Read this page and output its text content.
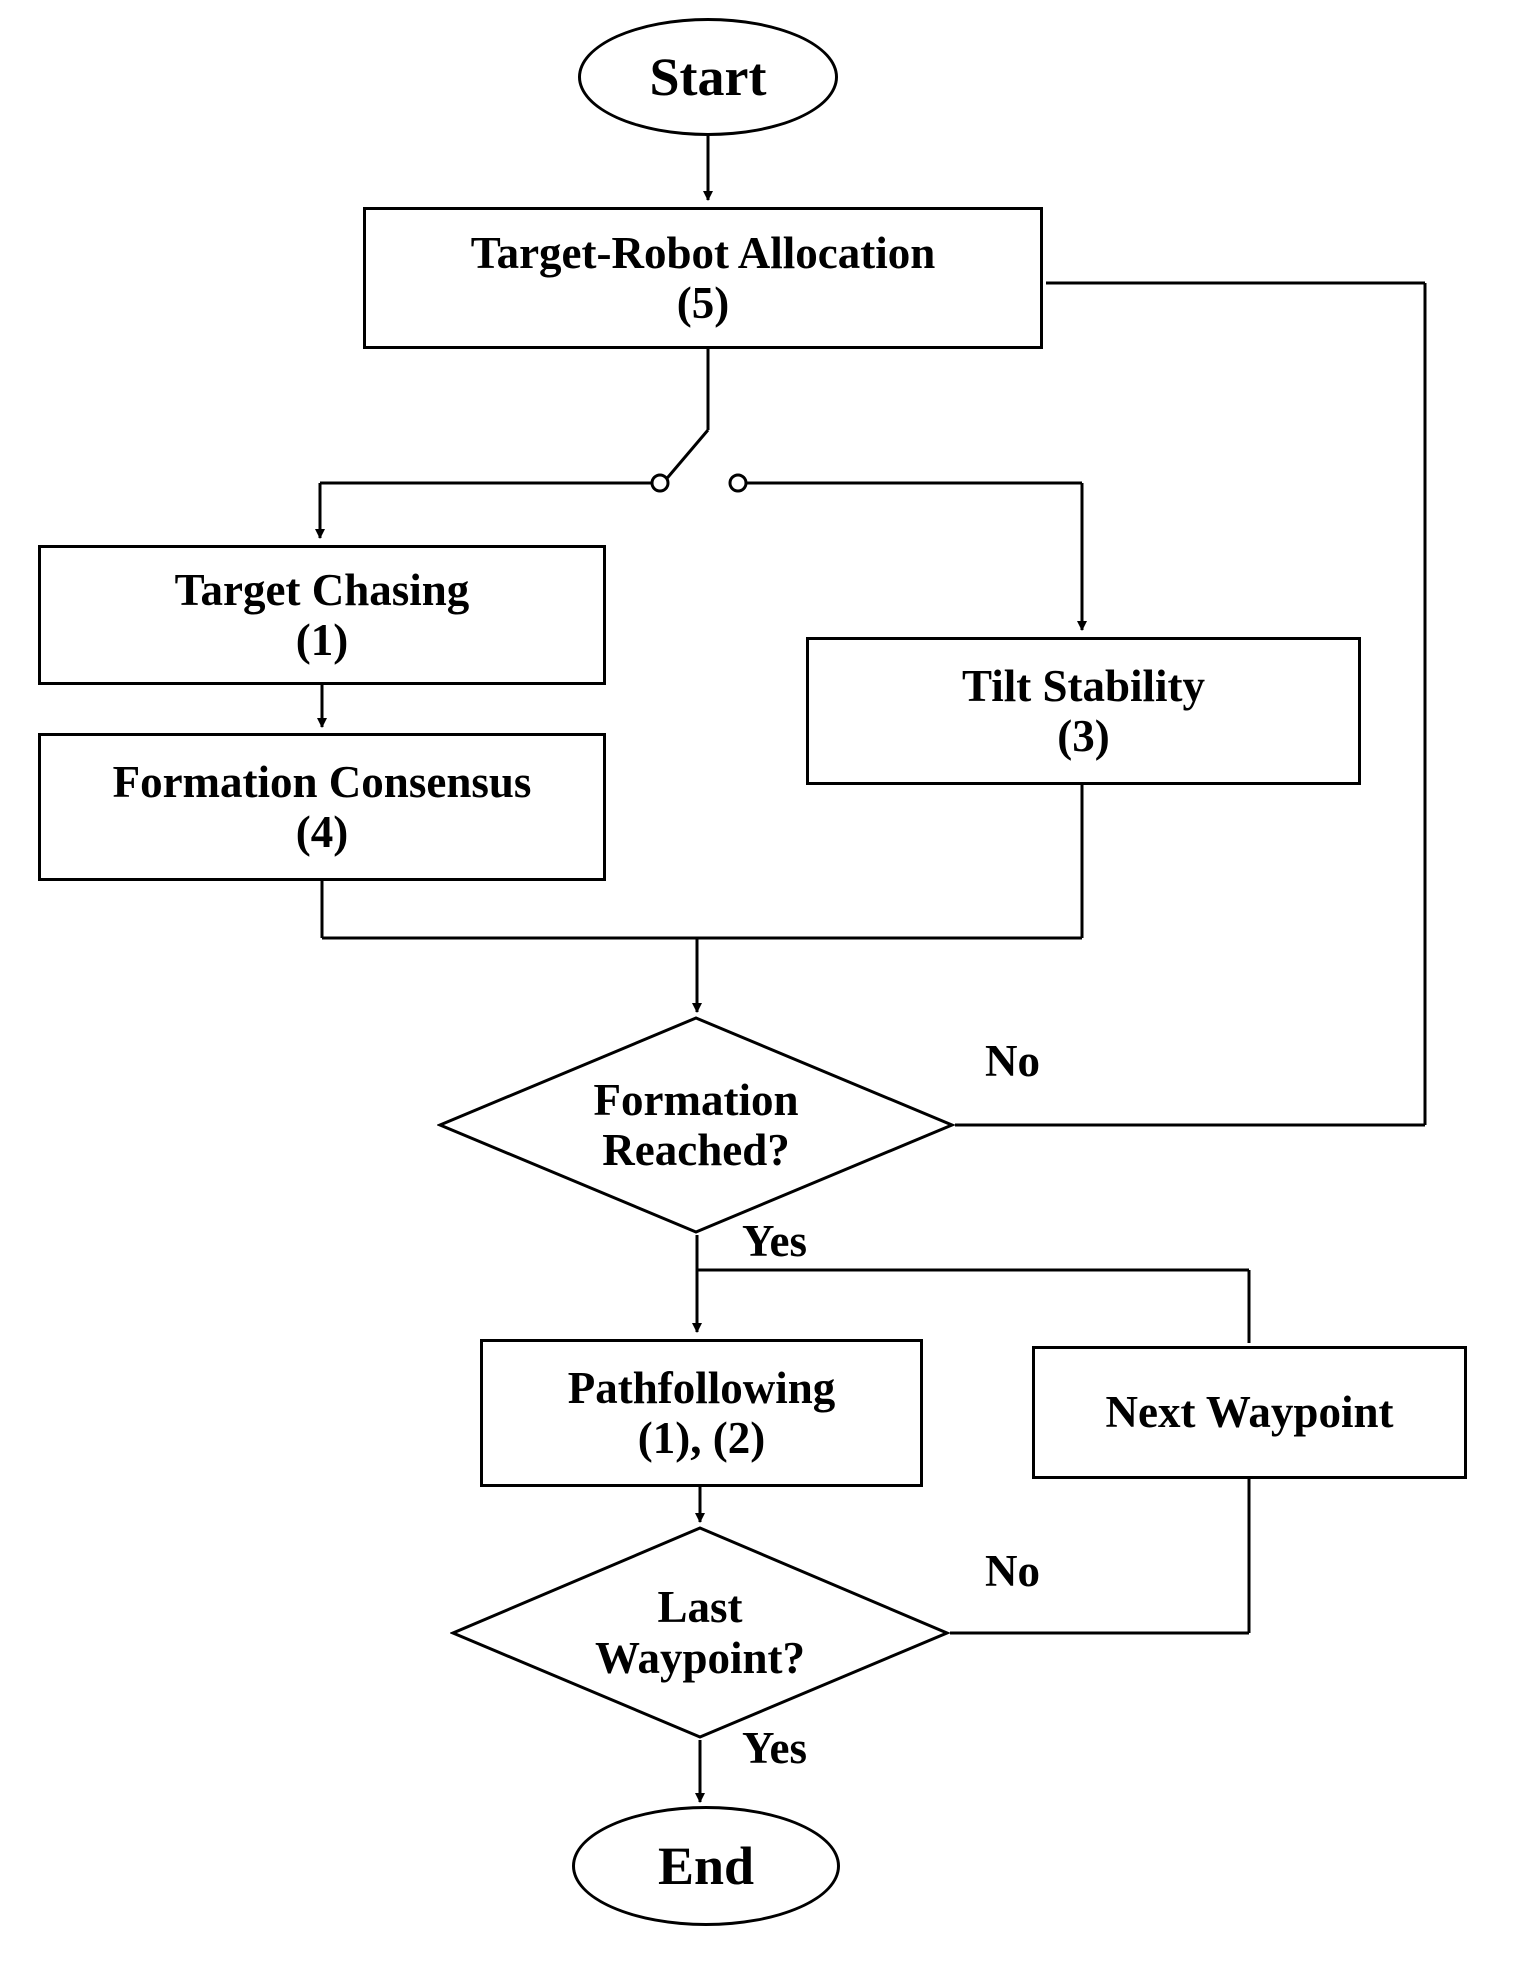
Start
Target-Robot Allocation
(5)
Target Chasing
(1)
Formation Consensus
(4)
Tilt Stability
(3)
Formation
Reached?
Pathfollowing
(1), (2)
Next Waypoint
Last
Waypoint?
End
No
Yes
No
Yes
